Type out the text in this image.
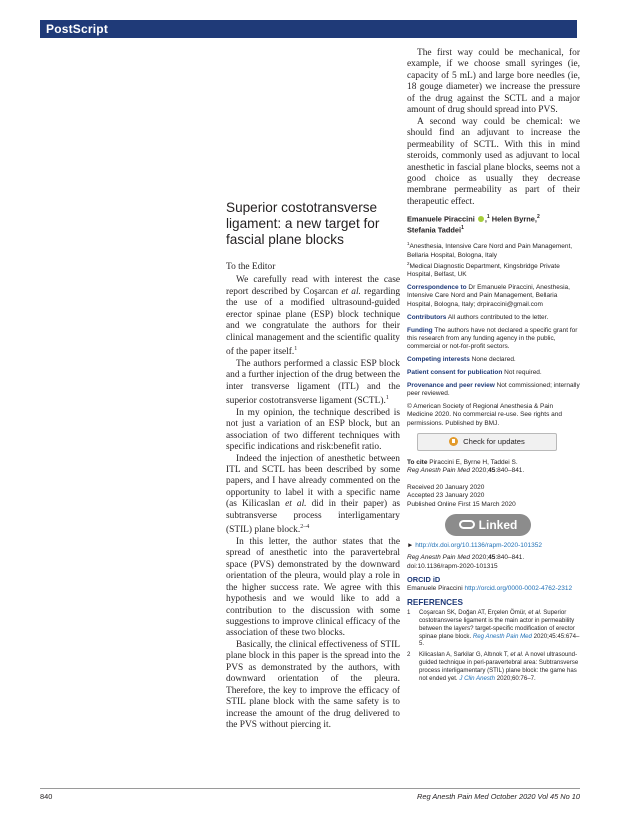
PostScript
Superior costotransverse ligament: a new target for fascial plane blocks

To the Editor

We carefully read with interest the case report described by Coşarcan et al. regarding the use of a modified ultrasound-guided erector spinae plane (ESP) block technique and we congratulate the authors for their clinical management and the scientific quality of the paper itself.$^1$

The authors performed a classic ESP block and a further injection of the drug between the inter transverse ligament (ITL) and the superior costotransverse ligament (SCTL).$^1$

In my opinion, the technique described is not just a variation of an ESP block, but an association of two different techniques with specific indications and risk:benefit ratio.

Indeed the injection of anesthetic between ITL and SCTL has been described by some papers, and I have already commented on the opportunity to label it with a specific name (as Kilicaslan et al. did in their paper) as subtransverse process interligamentary (STIL) plane block.$^{2-4}$

In this letter, the author states that the spread of anesthetic into the paravertebral space (PVS) demonstrated by the downward orientation of the pleura, would play a role in the higher success rate. We agree with this hypothesis and we would like to add a contribution to the discussion with some suggestions to improve clinical efficacy of the association of these two blocks.

Basically, the clinical effectiveness of STIL plane block in this paper is the spread into the PVS as demonstrated by the authors, with downward orientation of the pleura. Therefore, the key to improve the efficacy of STIL plane block with the same safety is to increase the amount of the drug delivered to the PVS without piercing it.

The first way could be mechanical, for example, if we choose small syringes (ie, capacity of 5 mL) and large bore needles (ie, 18 gouge diameter) we increase the pressure of the drug against the SCTL and a major amount of drug should spread into PVS.

A second way could be chemical: we should find an adjuvant to increase the permeability of SCTL. With this in mind steroids, commonly used as adjuvant to local anesthetic in fascial plane blocks, seems not a good choice as usually they decrease membrane permeability as part of their therapeutic effect.

Emanuele Piraccini ,$^1$ Helen Byrne,$^2$
Stefania Taddei$^1$

$^1$Anesthesia, Intensive Care Nord and Pain Management, Bellaria Hospital, Bologna, Italy
$^2$Medical Diagnostic Department, Kingsbridge Private Hospital, Belfast, UK

Correspondence to Dr Emanuele Piraccini, Anesthesia, Intensive Care Nord and Pain Management, Bellaria Hospital, Bologna, Italy; drpiraccini@gmail.com

Contributors All authors contributed to the letter.

Funding The authors have not declared a specific grant for this research from any funding agency in the public, commercial or not-for-profit sectors.

Competing interests None declared.

Patient consent for publication Not required.

Provenance and peer review Not commissioned; internally peer reviewed.

© American Society of Regional Anesthesia & Pain Medicine 2020. No commercial re-use. See rights and permissions. Published by BMJ.

Check for updates

To cite Piraccini E, Byrne H, Taddei S.
Reg Anesth Pain Med 2020;45:840–841.

Received 20 January 2020
Accepted 23 January 2020
Published Online First 15 March 2020

Linked

► http://dx.doi.org/10.1136/rapm-2020-101352

Reg Anesth Pain Med 2020;45:840–841.
doi:10.1136/rapm-2020-101315

ORCID iD

Emanuele Piraccini http://orcid.org/0000-0002-4762-2312

REFERENCES
1	Coşarcan SK, Doğan AT, Erçelen Ömür, et al. Superior costotransverse ligament is the main actor in permeability between the layers? target-specific modification of erector spinae plane block. Reg Anesth Pain Med 2020;45:45:674–5.
2	Kilicaslan A, Sarkilar G, Altınok T, et al. A novel ultrasound-guided technique in peri-paravertebral area: Subtransverse process interligamentary (STIL) plane block: the game has not ended yet. J Clin Anesth 2020;60:76–7.
840	Reg Anesth Pain Med October 2020 Vol 45 No 10
